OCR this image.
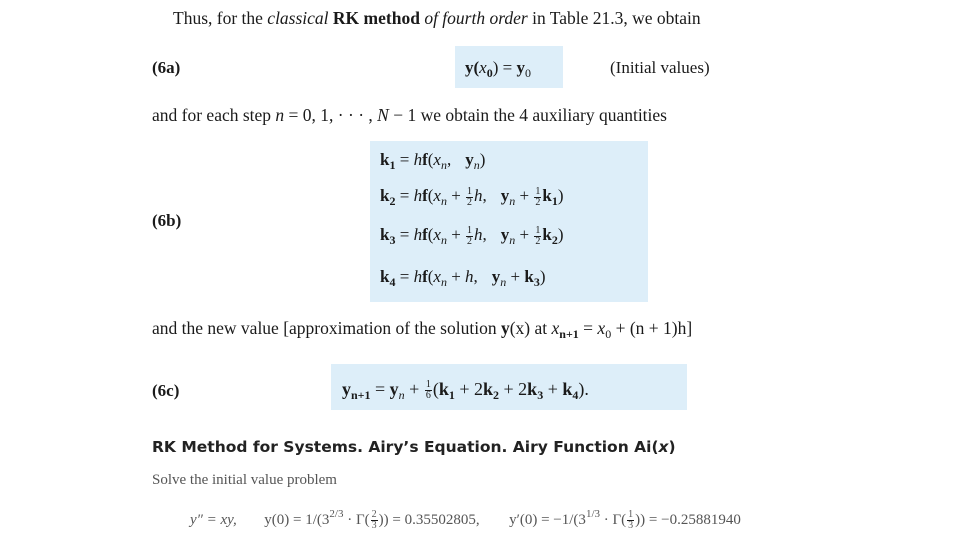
Thus, for the classical RK method of fourth order in Table 21.3, we obtain
(6a)	$y(x_0) = y_0$	(Initial values)
and for each step n = 0, 1, · · · , N − 1 we obtain the 4 auxiliary quantities
(6b)
$k_1 = hf(x_n$, $y_n$)
$k_2 = hf(x_n + \frac{1}{2} h$, $y_n + \frac{1}{2} k_1$)
$k_3 = hf(x_n + \frac{1}{2} h$, $y_n + \frac{1}{2} k_2$)
$k_4 = hf(x_n + h$, $y_n + k_3$)
and the new value [approximation of the solution y(x) at $x_{n+1} = x_0 + (n + 1)h$]
(6c)	$y_{n+1} = y_n + \frac{1}{6} (k_1 + 2k_2 + 2k_3 + k_4)$.
RK Method for Systems. Airy’s Equation. Airy Function Ai(x)
Solve the initial value problem
y″ = xy, $y(0) = 1/(3^{2/3} \cdot \Gamma( \frac{2}{3}$ )) = 0.35502805, $y'(0) = -1/(3^{1/3} \cdot \Gamma( \frac{1}{3}$ )) = −0.25881940
